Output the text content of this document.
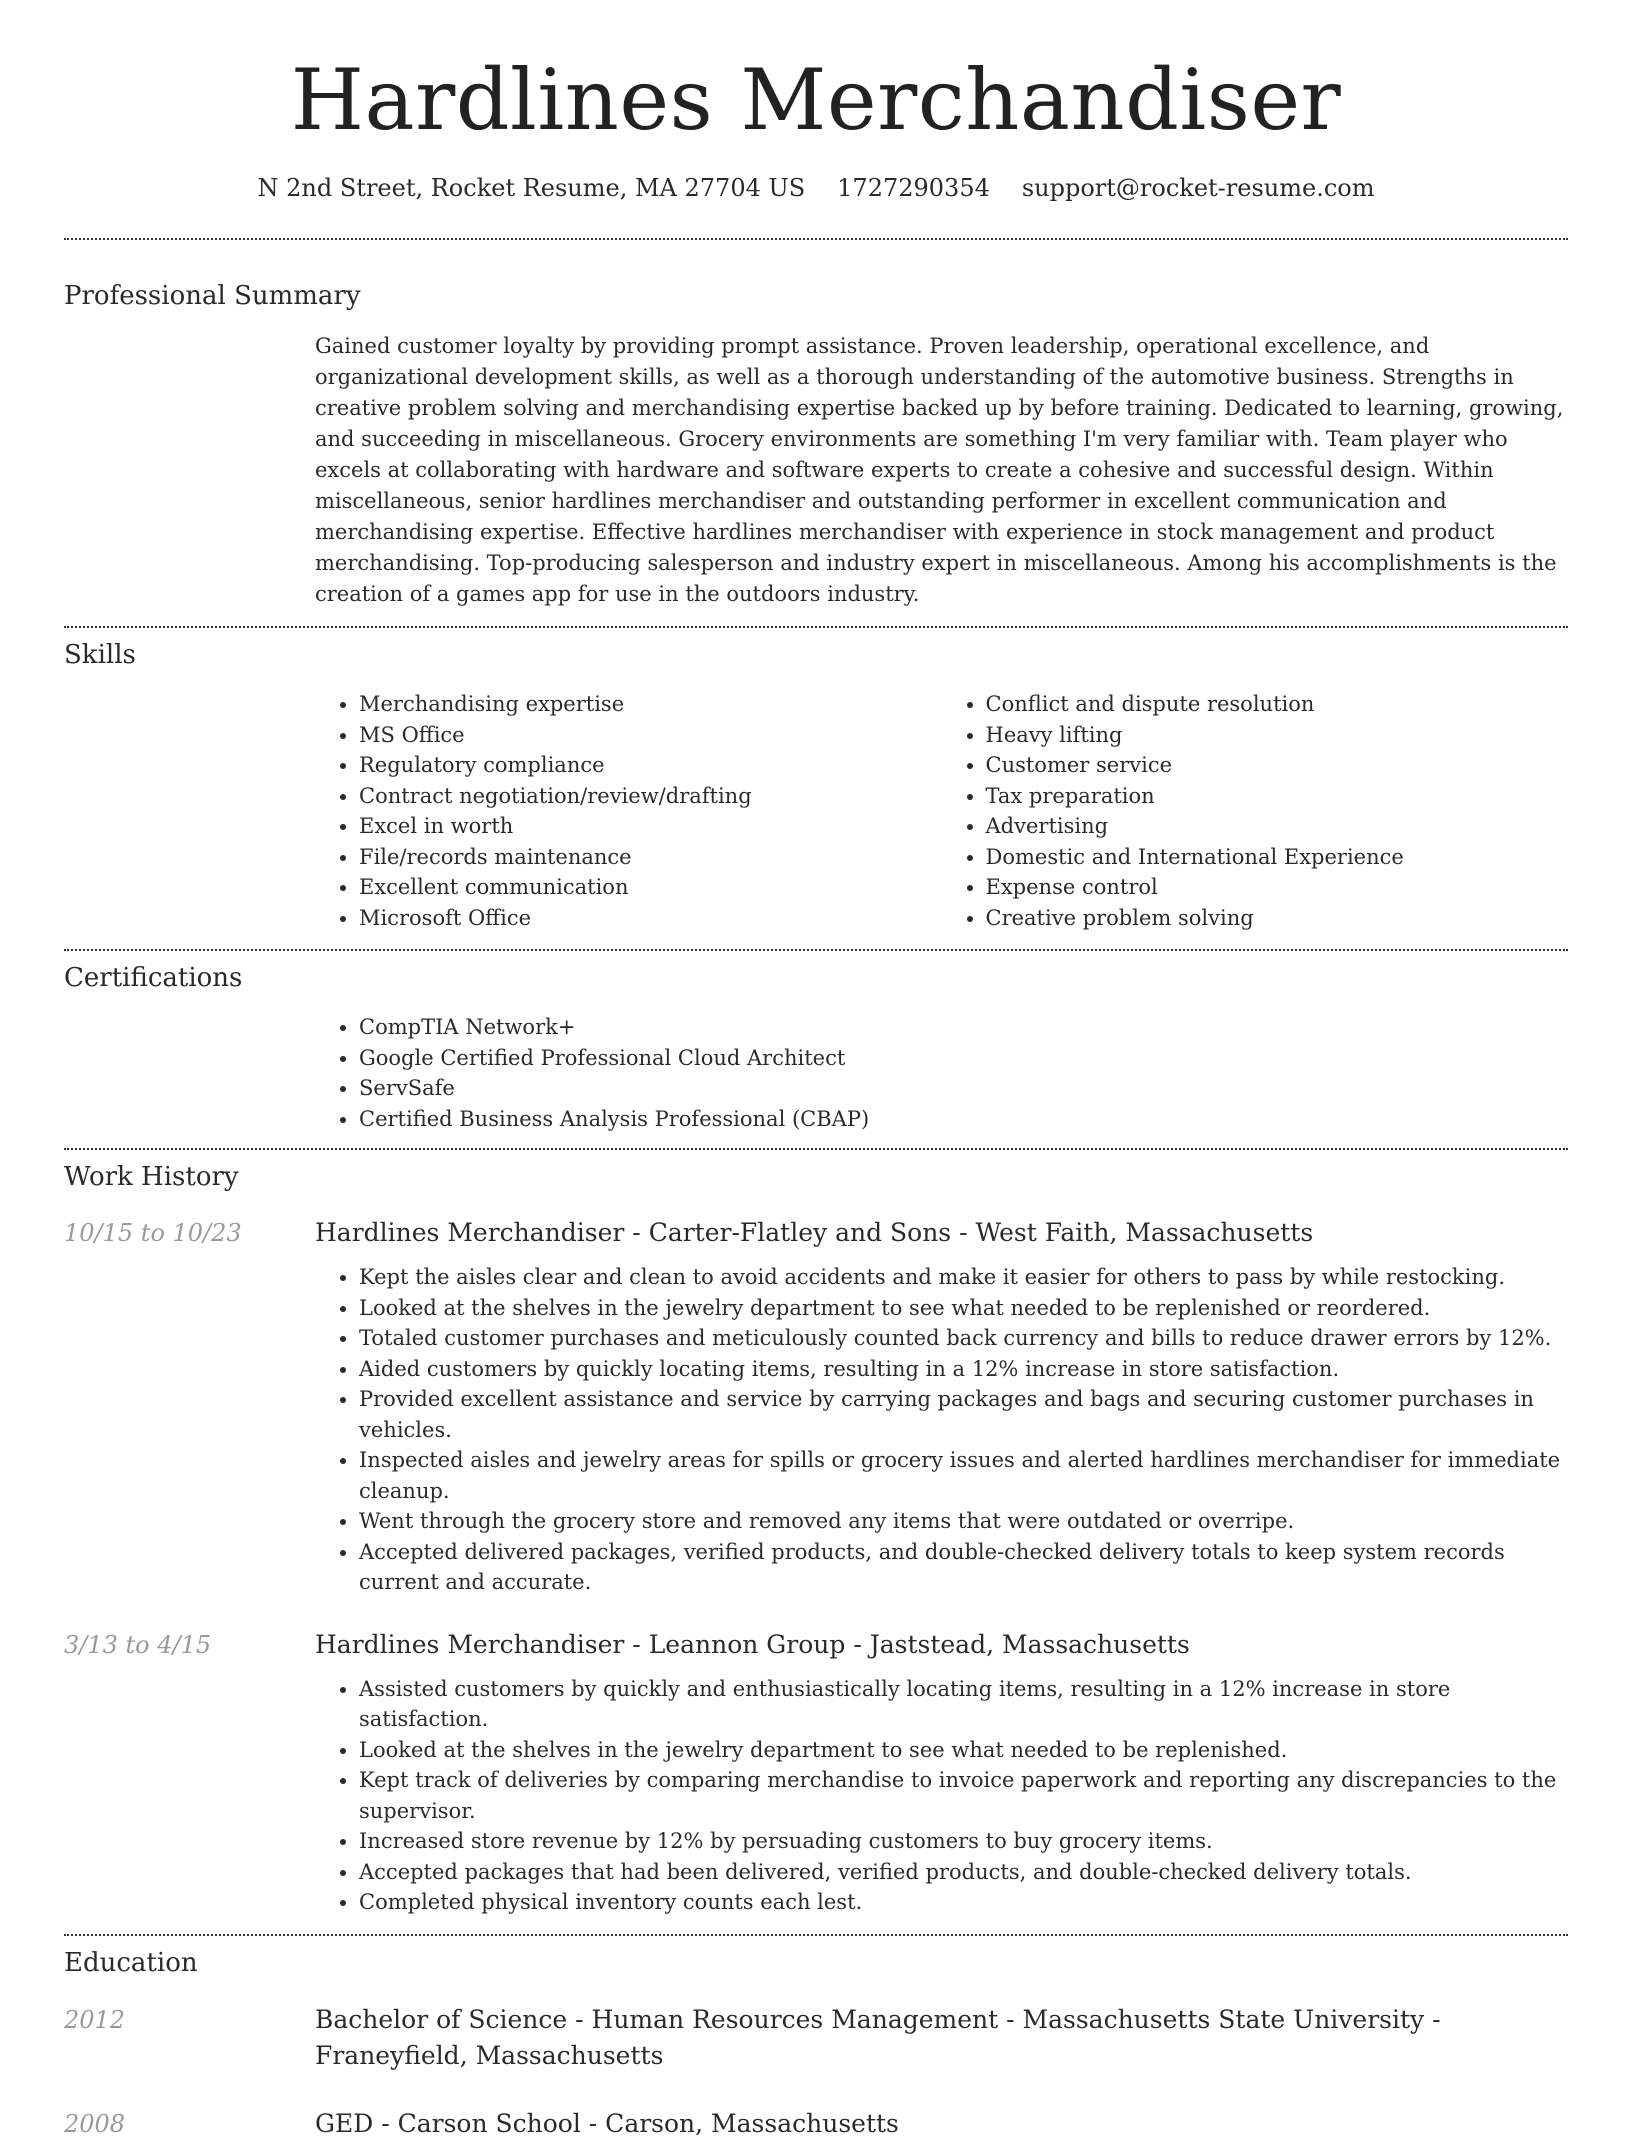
Hardlines Merchandiser
N 2nd Street, Rocket Resume, MA 27704 US 1727290354 support@rocket-resume.com
Professional Summary
Gained customer loyalty by providing prompt assistance. Proven leadership, operational excellence, and organizational development skills, as well as a thorough understanding of the automotive business. Strengths in creative problem solving and merchandising expertise backed up by before training. Dedicated to learning, growing, and succeeding in miscellaneous. Grocery environments are something I'm very familiar with. Team player who excels at collaborating with hardware and software experts to create a cohesive and successful design. Within miscellaneous, senior hardlines merchandiser and outstanding performer in excellent communication and merchandising expertise. Effective hardlines merchandiser with experience in stock management and product merchandising. Top-producing salesperson and industry expert in miscellaneous. Among his accomplishments is the creation of a games app for use in the outdoors industry.
Skills
• Merchandising expertise
• MS Office
• Regulatory compliance
• Contract negotiation/review/drafting
• Excel in worth
• File/records maintenance
• Excellent communication
• Microsoft Office
• Conflict and dispute resolution
• Heavy lifting
• Customer service
• Tax preparation
• Advertising
• Domestic and International Experience
• Expense control
• Creative problem solving
Certifications
• CompTIA Network+
• Google Certified Professional Cloud Architect
• ServSafe
• Certified Business Analysis Professional (CBAP)
Work History
10/15 to 10/23	Hardlines Merchandiser - Carter-Flatley and Sons - West Faith, Massachusetts
• Kept the aisles clear and clean to avoid accidents and make it easier for others to pass by while restocking.
• Looked at the shelves in the jewelry department to see what needed to be replenished or reordered.
• Totaled customer purchases and meticulously counted back currency and bills to reduce drawer errors by 12%.
• Aided customers by quickly locating items, resulting in a 12% increase in store satisfaction.
• Provided excellent assistance and service by carrying packages and bags and securing customer purchases in vehicles.
• Inspected aisles and jewelry areas for spills or grocery issues and alerted hardlines merchandiser for immediate cleanup.
• Went through the grocery store and removed any items that were outdated or overripe.
• Accepted delivered packages, verified products, and double-checked delivery totals to keep system records current and accurate.
3/13 to 4/15	Hardlines Merchandiser - Leannon Group - Jaststead, Massachusetts
• Assisted customers by quickly and enthusiastically locating items, resulting in a 12% increase in store satisfaction.
• Looked at the shelves in the jewelry department to see what needed to be replenished.
• Kept track of deliveries by comparing merchandise to invoice paperwork and reporting any discrepancies to the supervisor.
• Increased store revenue by 12% by persuading customers to buy grocery items.
• Accepted packages that had been delivered, verified products, and double-checked delivery totals.
• Completed physical inventory counts each lest.
Education
2012	Bachelor of Science - Human Resources Management - Massachusetts State University - Franeyfield, Massachusetts
2008	GED - Carson School - Carson, Massachusetts
